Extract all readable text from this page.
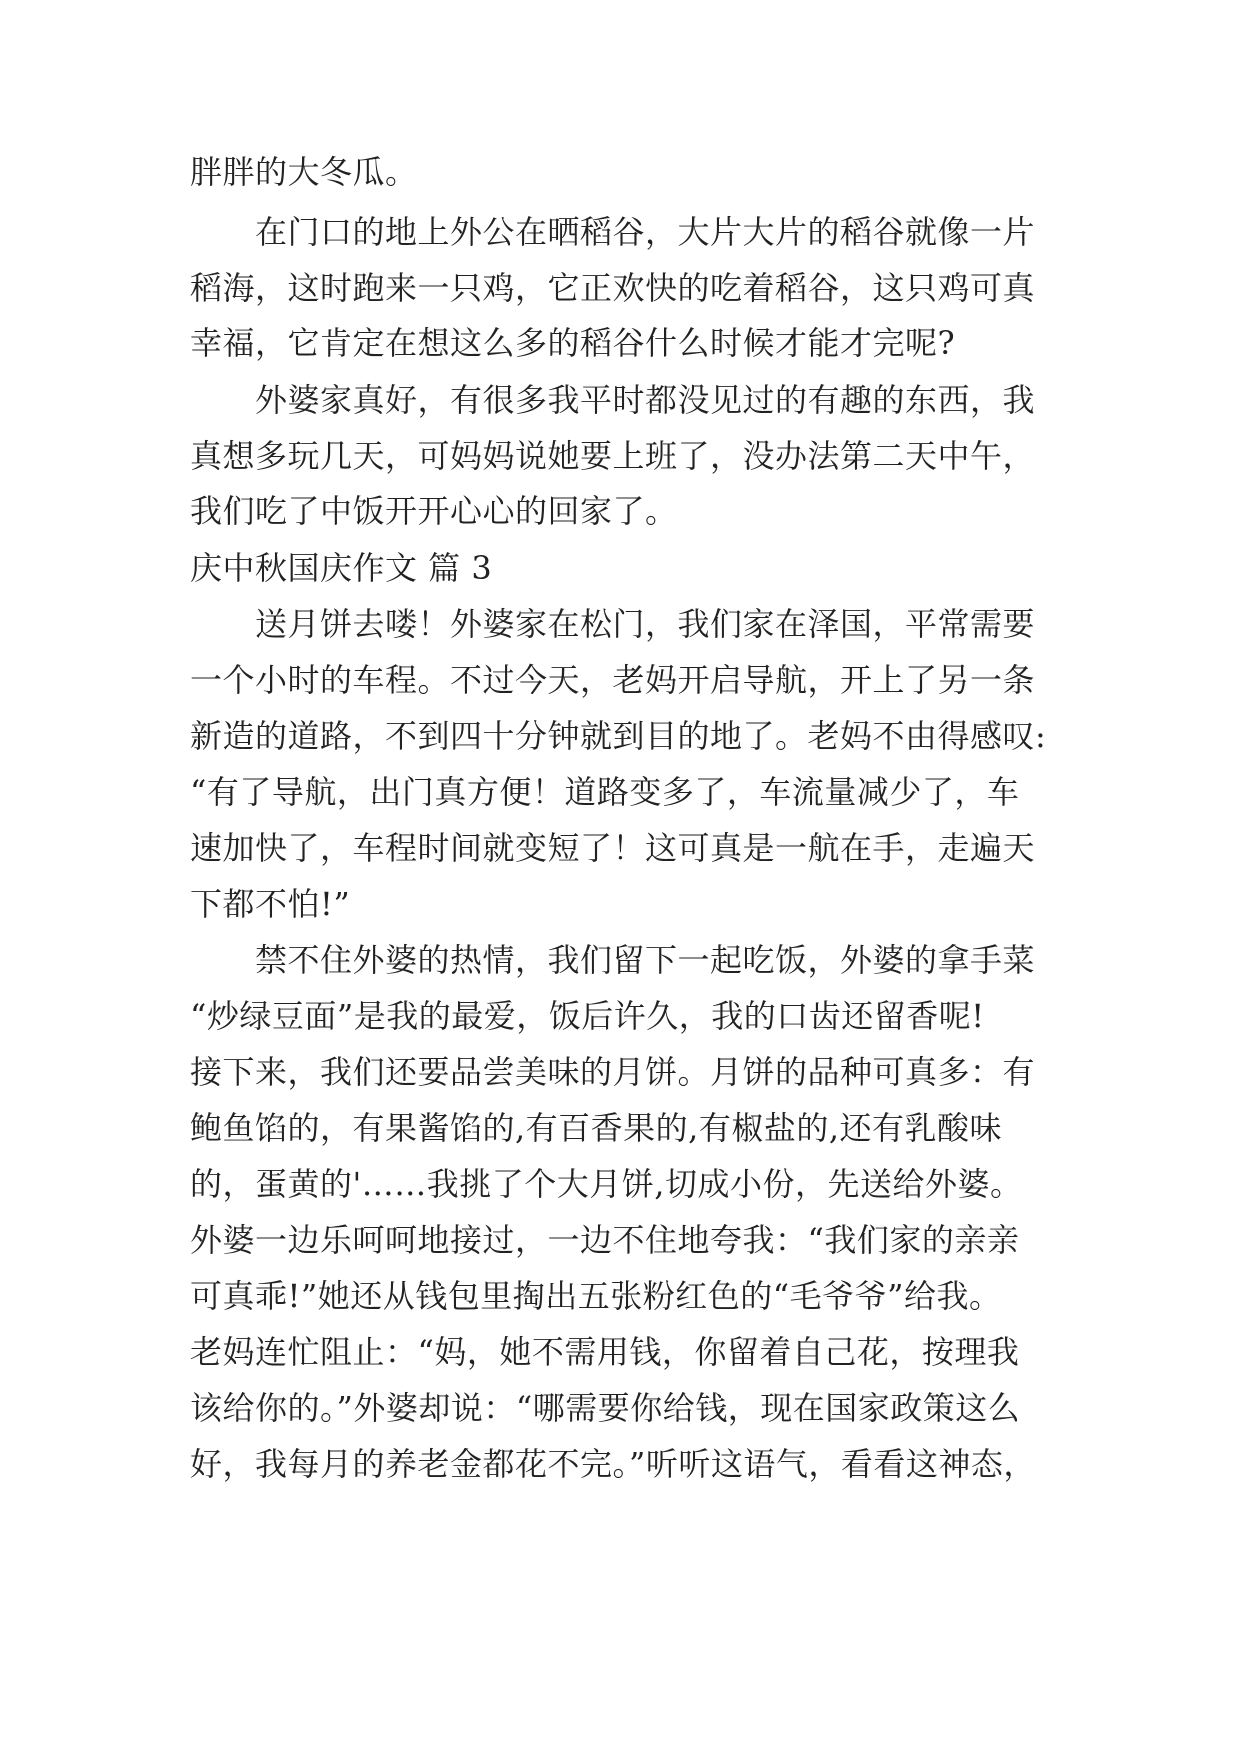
胖胖的大冬瓜。
在门口的地上外公在晒稻谷，大片大片的稻谷就像一片
稻海，这时跑来一只鸡，它正欢快的吃着稻谷，这只鸡可真
幸福，它肯定在想这么多的稻谷什么时候才能才完呢?
外婆家真好，有很多我平时都没见过的有趣的东西，我
真想多玩几天，可妈妈说她要上班了，没办法第二天中午，
我们吃了中饭开开心心的回家了。
庆中秋国庆作文 篇 3
送月饼去喽！外婆家在松门，我们家在泽国，平常需要
一个小时的车程。不过今天，老妈开启导航，开上了另一条
新造的道路，不到四十分钟就到目的地了。老妈不由得感叹:
“有了导航，出门真方便！道路变多了，车流量减少了，车
速加快了，车程时间就变短了！这可真是一航在手，走遍天
下都不怕!”
禁不住外婆的热情，我们留下一起吃饭，外婆的拿手菜
“炒绿豆面”是我的最爱，饭后许久，我的口齿还留香呢!
接下来，我们还要品尝美味的月饼。月饼的品种可真多：有
鲍鱼馅的，有果酱馅的,有百香果的,有椒盐的,还有乳酸味
的，蛋黄的'……我挑了个大月饼,切成小份，先送给外婆。
外婆一边乐呵呵地接过，一边不住地夸我：“我们家的亲亲
可真乖!”她还从钱包里掏出五张粉红色的“毛爷爷”给我。
老妈连忙阻止：“妈，她不需用钱，你留着自己花，按理我
该给你的。”外婆却说：“哪需要你给钱，现在国家政策这么
好，我每月的养老金都花不完。”听听这语气，看看这神态，
